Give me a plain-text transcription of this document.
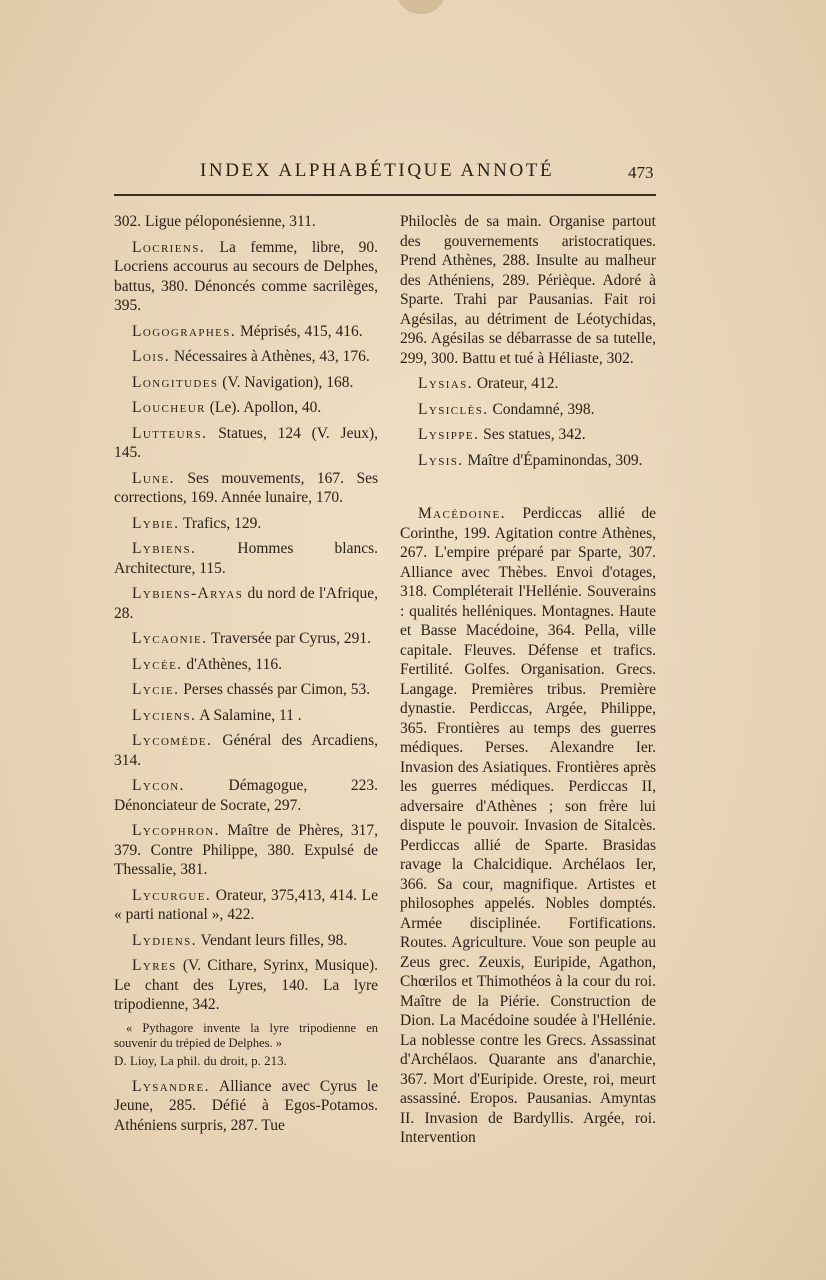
INDEX ALPHABÉTIQUE ANNOTÉ	473
302. Ligue péloponésienne, 311.
Locriens. La femme, libre, 90. Locriens accourus au secours de Delphes, battus, 380. Dénoncés comme sacrilèges, 395.
Logographes. Méprisés, 415, 416.
Lois. Nécessaires à Athènes, 43, 176.
Longitudes (V. Navigation), 168.
Loucheur (Le). Apollon, 40.
Lutteurs. Statues, 124 (V. Jeux), 145.
Lune. Ses mouvements, 167. Ses corrections, 169. Année lunaire, 170.
Lybie. Trafics, 129.
Lybiens. Hommes blancs. Architecture, 115.
Lybiens-Aryas du nord de l'Afrique, 28.
Lycaonie. Traversée par Cyrus, 291.
Lycée. d'Athènes, 116.
Lycie. Perses chassés par Cimon, 53.
Lyciens. A Salamine, 11 .
Lycomède. Général des Arcadiens, 314.
Lycon. Démagogue, 223. Dénonciateur de Socrate, 297.
Lycophron. Maître de Phères, 317, 379. Contre Philippe, 380. Expulsé de Thessalie, 381.
Lycurgue. Orateur, 375,413, 414. Le « parti national », 422.
Lydiens. Vendant leurs filles, 98.
Lyres (V. Cithare, Syrinx, Musique). Le chant des Lyres, 140. La lyre tripodienne, 342.
« Pythagore invente la lyre tripodienne en souvenir du trépied de Delphes. »
D. Lioy, La phil. du droit, p. 213.
Lysandre. Alliance avec Cyrus le Jeune, 285. Défié à Egos-Potamos. Athéniens surpris, 287. Tue
Philoclès de sa main. Organise partout des gouvernements aristocratiques. Prend Athènes, 288. Insulte au malheur des Athéniens, 289. Périèque. Adoré à Sparte. Trahi par Pausanias. Fait roi Agésilas, au détriment de Léotychidas, 296. Agésilas se débarrasse de sa tutelle, 299, 300. Battu et tué à Héliaste, 302.
Lysias. Orateur, 412.
Lysiclès. Condamné, 398.
Lysippe. Ses statues, 342.
Lysis. Maître d'Épaminondas, 309.
Macédoine. Perdiccas allié de Corinthe, 199. Agitation contre Athènes, 267. L'empire préparé par Sparte, 307. Alliance avec Thèbes. Envoi d'otages, 318. Compléterait l'Hellénie. Souverains : qualités helléniques. Montagnes. Haute et Basse Macédoine, 364. Pella, ville capitale. Fleuves. Défense et trafics. Fertilité. Golfes. Organisation. Grecs. Langage. Premières tribus. Première dynastie. Perdiccas, Argée, Philippe, 365. Frontières au temps des guerres médiques. Perses. Alexandre Ier. Invasion des Asiatiques. Frontières après les guerres médiques. Perdiccas II, adversaire d'Athènes ; son frère lui dispute le pouvoir. Invasion de Sitalcès. Perdiccas allié de Sparte. Brasidas ravage la Chalcidique. Archélaos Ier, 366. Sa cour, magnifique. Artistes et philosophes appelés. Nobles domptés. Armée disciplinée. Fortifications. Routes. Agriculture. Voue son peuple au Zeus grec. Zeuxis, Euripide, Agathon, Chœrilos et Thimothéos à la cour du roi. Maître de la Piérie. Construction de Dion. La Macédoine soudée à l'Hellénie. La noblesse contre les Grecs. Assassinat d'Archélaos. Quarante ans d'anarchie, 367. Mort d'Euripide. Oreste, roi, meurt assassiné. Eropos. Pausanias. Amyntas II. Invasion de Bardyllis. Argée, roi. Intervention
